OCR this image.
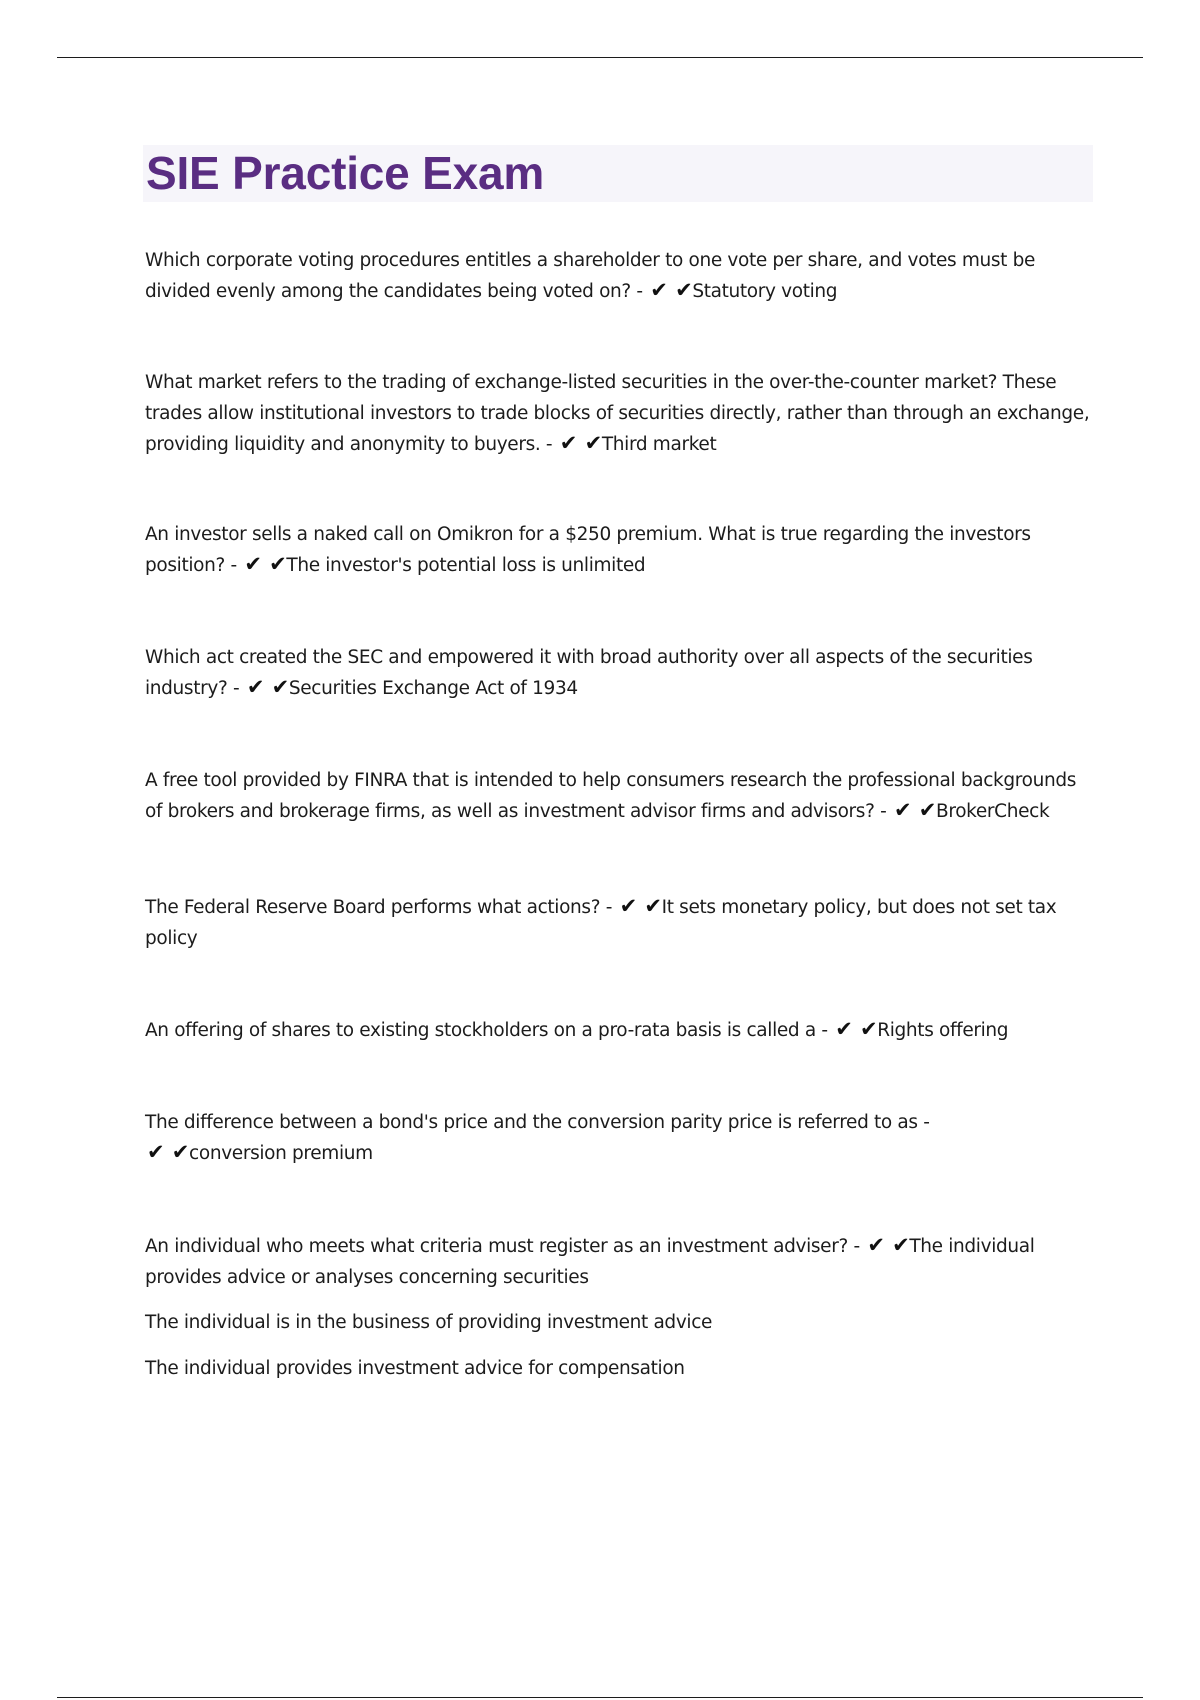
SIE Practice Exam

Which corporate voting procedures entitles a shareholder to one vote per share, and votes must be divided evenly among the candidates being voted on? - ✔ ✔Statutory voting

What market refers to the trading of exchange-listed securities in the over-the-counter market? These trades allow institutional investors to trade blocks of securities directly, rather than through an exchange, providing liquidity and anonymity to buyers. - ✔ ✔Third market

An investor sells a naked call on Omikron for a $250 premium. What is true regarding the investors position? - ✔ ✔The investor's potential loss is unlimited

Which act created the SEC and empowered it with broad authority over all aspects of the securities industry? - ✔ ✔Securities Exchange Act of 1934

A free tool provided by FINRA that is intended to help consumers research the professional backgrounds of brokers and brokerage firms, as well as investment advisor firms and advisors? - ✔ ✔BrokerCheck

The Federal Reserve Board performs what actions? - ✔ ✔It sets monetary policy, but does not set tax policy

An offering of shares to existing stockholders on a pro-rata basis is called a - ✔ ✔Rights offering

The difference between a bond's price and the conversion parity price is referred to as -
✔ ✔conversion premium

An individual who meets what criteria must register as an investment adviser? - ✔ ✔The individual provides advice or analyses concerning securities

The individual is in the business of providing investment advice

The individual provides investment advice for compensation
